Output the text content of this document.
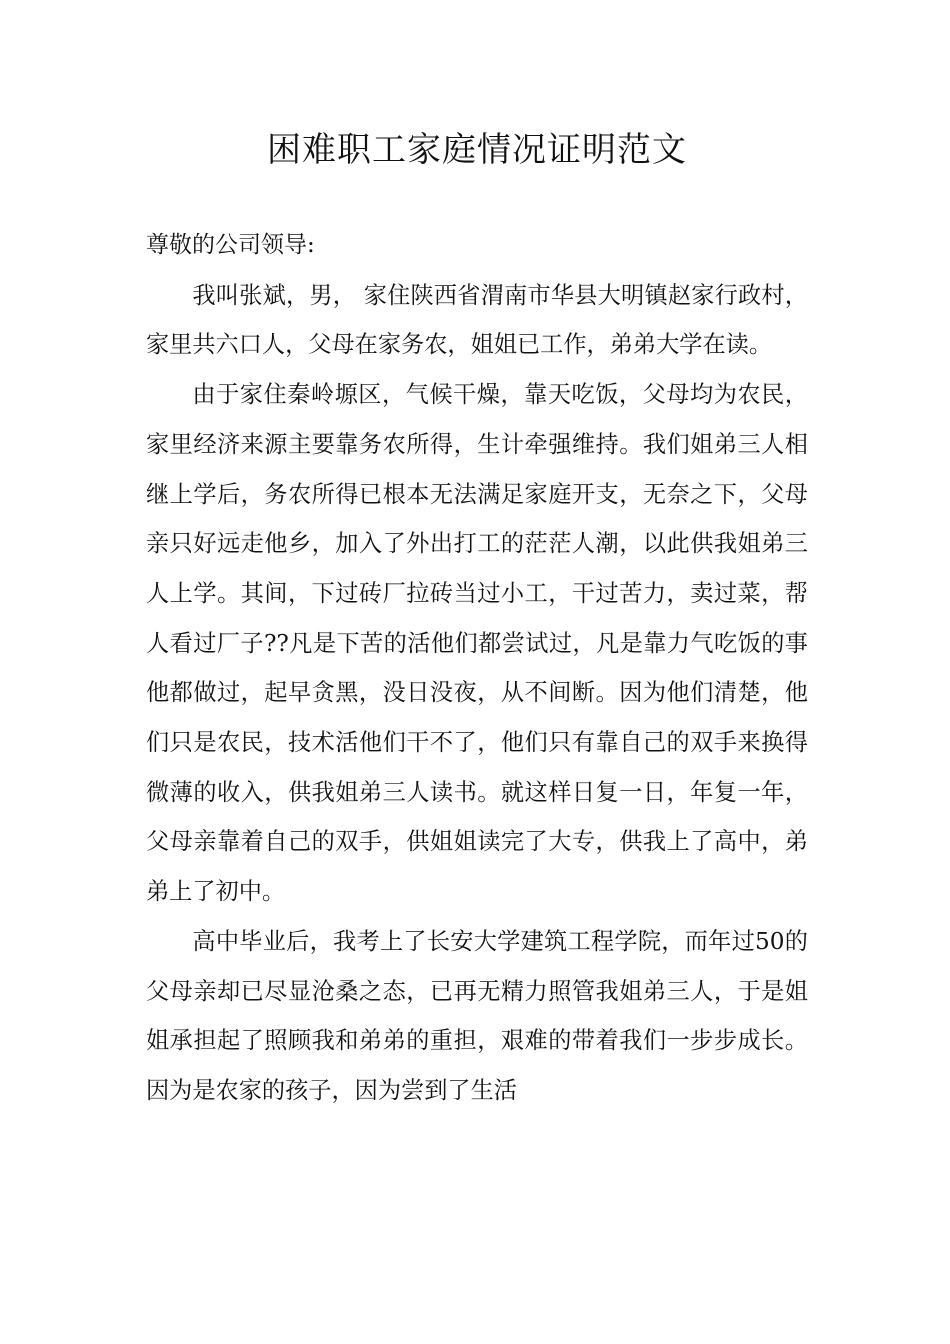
困难职工家庭情况证明范文

尊敬的公司领导:

我叫张斌，男， 家住陕西省渭南市华县大明镇赵家行政村，家里共六口人，父母在家务农，姐姐已工作，弟弟大学在读。

由于家住秦岭塬区，气候干燥，靠天吃饭，父母均为农民，家里经济来源主要靠务农所得，生计牵强维持。我们姐弟三人相继上学后，务农所得已根本无法满足家庭开支，无奈之下，父母亲只好远走他乡，加入了外出打工的茫茫人潮，以此供我姐弟三人上学。其间，下过砖厂拉砖当过小工，干过苦力，卖过菜，帮人看过厂子??凡是下苦的活他们都尝试过，凡是靠力气吃饭的事他都做过，起早贪黑，没日没夜，从不间断。因为他们清楚，他们只是农民，技术活他们干不了，他们只有靠自己的双手来换得微薄的收入，供我姐弟三人读书。就这样日复一日，年复一年，父母亲靠着自己的双手，供姐姐读完了大专，供我上了高中，弟弟上了初中。

高中毕业后，我考上了长安大学建筑工程学院，而年过50的父母亲却已尽显沧桑之态，已再无精力照管我姐弟三人，于是姐姐承担起了照顾我和弟弟的重担，艰难的带着我们一步步成长。因为是农家的孩子，因为尝到了生活
